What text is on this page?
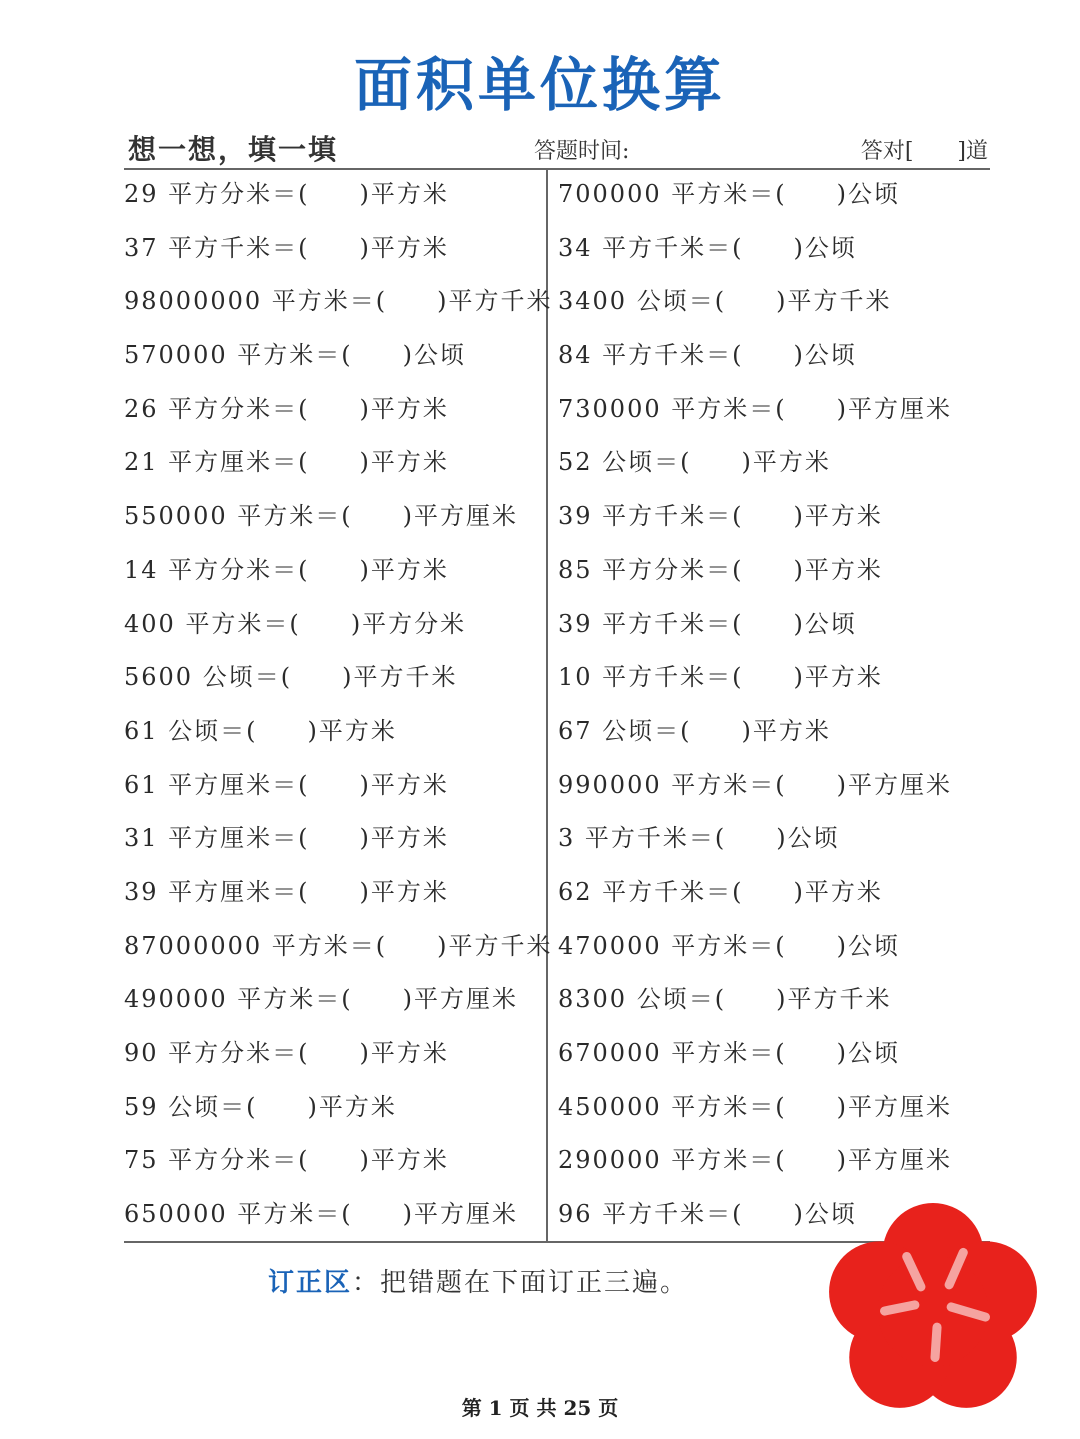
面积单位换算
想一想，填一填	答题时间:	答对[　　]道
29 平方分米＝( )平方米
37 平方千米＝( )平方米
98000000 平方米＝( )平方千米
570000 平方米＝( )公顷
26 平方分米＝( )平方米
21 平方厘米＝( )平方米
550000 平方米＝( )平方厘米
14 平方分米＝( )平方米
400 平方米＝( )平方分米
5600 公顷＝( )平方千米
61 公顷＝( )平方米
61 平方厘米＝( )平方米
31 平方厘米＝( )平方米
39 平方厘米＝( )平方米
87000000 平方米＝( )平方千米
490000 平方米＝( )平方厘米
90 平方分米＝( )平方米
59 公顷＝( )平方米
75 平方分米＝( )平方米
650000 平方米＝( )平方厘米
700000 平方米＝( )公顷
34 平方千米＝( )公顷
3400 公顷＝( )平方千米
84 平方千米＝( )公顷
730000 平方米＝( )平方厘米
52 公顷＝( )平方米
39 平方千米＝( )平方米
85 平方分米＝( )平方米
39 平方千米＝( )公顷
10 平方千米＝( )平方米
67 公顷＝( )平方米
990000 平方米＝( )平方厘米
3 平方千米＝( )公顷
62 平方千米＝( )平方米
470000 平方米＝( )公顷
8300 公顷＝( )平方千米
670000 平方米＝( )公顷
450000 平方米＝( )平方厘米
290000 平方米＝( )平方厘米
96 平方千米＝( )公顷
订正区：把错题在下面订正三遍。
第 1 页 共 25 页
